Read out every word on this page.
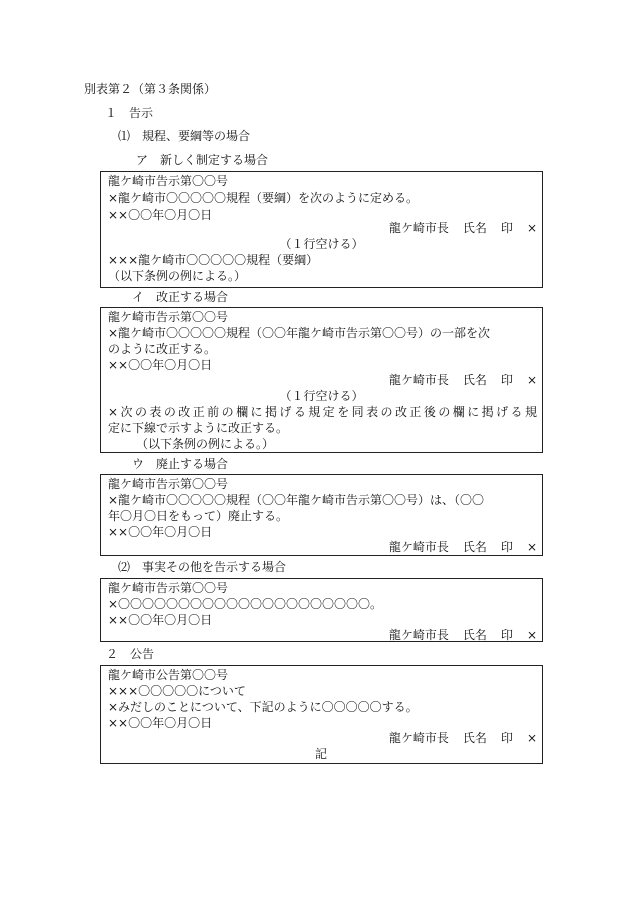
別表第２（第３条関係）
１　告示
⑴　規程、要綱等の場合
ア　新しく制定する場合
龍ケ崎市告示第〇〇号
×龍ケ崎市〇〇〇〇〇規程（要綱）を次のように定める。
××〇〇年〇月〇日
龍ケ崎市長 氏名 印 ×
（１行空ける）
×××龍ケ崎市〇〇〇〇〇規程（要綱）
（以下条例の例による。）
イ　改正する場合
龍ケ崎市告示第〇〇号
×龍ケ崎市〇〇〇〇〇規程（〇〇年龍ケ崎市告示第〇〇号）の一部を次
のように改正する。
××〇〇年〇月〇日
龍ケ崎市長 氏名 印 ×
（１行空ける）
×次の表の改正前の欄に掲げる規定を同表の改正後の欄に掲げる規
定に下線で示すように改正する。
（以下条例の例による。）
ウ　廃止する場合
龍ケ崎市告示第〇〇号
×龍ケ崎市〇〇〇〇〇規程（〇〇年龍ケ崎市告示第〇〇号）は、（〇〇
年〇月〇日をもって）廃止する。
××〇〇年〇月〇日
龍ケ崎市長 氏名 印 ×
⑵　事実その他を告示する場合
龍ケ崎市告示第〇〇号
×〇〇〇〇〇〇〇〇〇〇〇〇〇〇〇〇〇〇〇〇〇。
××〇〇年〇月〇日
龍ケ崎市長 氏名 印 ×
２　公告
龍ケ崎市公告第〇〇号
×××〇〇〇〇〇について
×みだしのことについて、下記のように〇〇〇〇〇する。
××〇〇年〇月〇日
龍ケ崎市長 氏名 印 ×
記
